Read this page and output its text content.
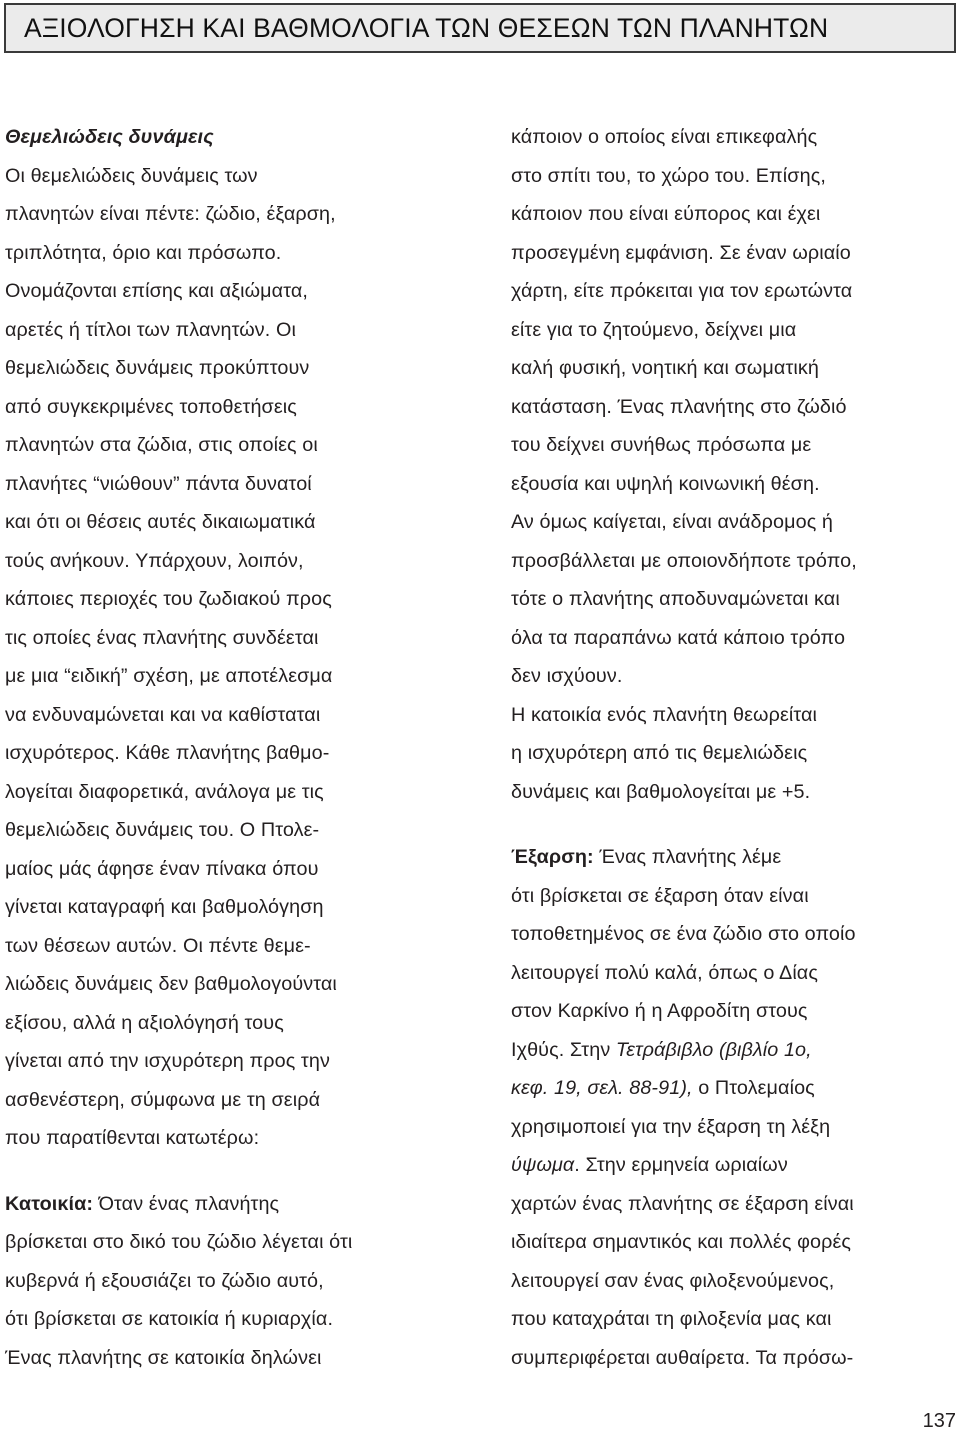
ΑΞΙΟΛΟΓΗΣΗ ΚΑΙ ΒΑΘΜΟΛΟΓΙΑ ΤΩΝ ΘΕΣΕΩΝ ΤΩΝ ΠΛΑΝΗΤΩΝ

Θεμελιώδεις δυνάμεις

Οι θεμελιώδεις δυνάμεις των
πλανητών είναι πέντε: ζώδιο, έξαρση,
τριπλότητα, όριο και πρόσωπο.
Ονομάζονται επίσης και αξιώματα,
αρετές ή τίτλοι των πλανητών. Οι
θεμελιώδεις δυνάμεις προκύπτουν
από συγκεκριμένες τοποθετήσεις
πλανητών στα ζώδια, στις οποίες οι
πλανήτες “νιώθουν” πάντα δυνατοί
και ότι οι θέσεις αυτές δικαιωματικά
τούς ανήκουν. Υπάρχουν, λοιπόν,
κάποιες περιοχές του ζωδιακού προς
τις οποίες ένας πλανήτης συνδέεται
με μια “ειδική” σχέση, με αποτέλεσμα
να ενδυναμώνεται και να καθίσταται
ισχυρότερος. Κάθε πλανήτης βαθμο-
λογείται διαφορετικά, ανάλογα με τις
θεμελιώδεις δυνάμεις του. Ο Πτολε-
μαίος μάς άφησε έναν πίνακα όπου
γίνεται καταγραφή και βαθμολόγηση
των θέσεων αυτών. Οι πέντε θεμε-
λιώδεις δυνάμεις δεν βαθμολογούνται
εξίσου, αλλά η αξιολόγησή τους
γίνεται από την ισχυρότερη προς την
ασθενέστερη, σύμφωνα με τη σειρά
που παρατίθενται κατωτέρω:

Κατοικία: Όταν ένας πλανήτης
βρίσκεται στο δικό του ζώδιο λέγεται ότι
κυβερνά ή εξουσιάζει το ζώδιο αυτό,
ότι βρίσκεται σε κατοικία ή κυριαρχία.
Ένας πλανήτης σε κατοικία δηλώνει

κάποιον ο οποίος είναι επικεφαλής
στο σπίτι του, το χώρο του. Επίσης,
κάποιον που είναι εύπορος και έχει
προσεγμένη εμφάνιση. Σε έναν ωριαίο
χάρτη, είτε πρόκειται για τον ερωτώντα
είτε για το ζητούμενο, δείχνει μια
καλή φυσική, νοητική και σωματική
κατάσταση. Ένας πλανήτης στο ζώδιό
του δείχνει συνήθως πρόσωπα με
εξουσία και υψηλή κοινωνική θέση.
Αν όμως καίγεται, είναι ανάδρομος ή
προσβάλλεται με οποιονδήποτε τρόπο,
τότε ο πλανήτης αποδυναμώνεται και
όλα τα παραπάνω κατά κάποιο τρόπο
δεν ισχύουν.
Η κατοικία ενός πλανήτη θεωρείται
η ισχυρότερη από τις θεμελιώδεις
δυνάμεις και βαθμολογείται με +5.

Έξαρση: Ένας πλανήτης λέμε
ότι βρίσκεται σε έξαρση όταν είναι
τοποθετημένος σε ένα ζώδιο στο οποίο
λειτουργεί πολύ καλά, όπως ο Δίας
στον Καρκίνο ή η Αφροδίτη στους
Ιχθύς. Στην Τετράβιβλο (βιβλίο 1ο,
κεφ. 19, σελ. 88-91), ο Πτολεμαίος
χρησιμοποιεί για την έξαρση τη λέξη
ύψωμα. Στην ερμηνεία ωριαίων
χαρτών ένας πλανήτης σε έξαρση είναι
ιδιαίτερα σημαντικός και πολλές φορές
λειτουργεί σαν ένας φιλοξενούμενος,
που καταχράται τη φιλοξενία μας και
συμπεριφέρεται αυθαίρετα. Τα πρόσω-

137
